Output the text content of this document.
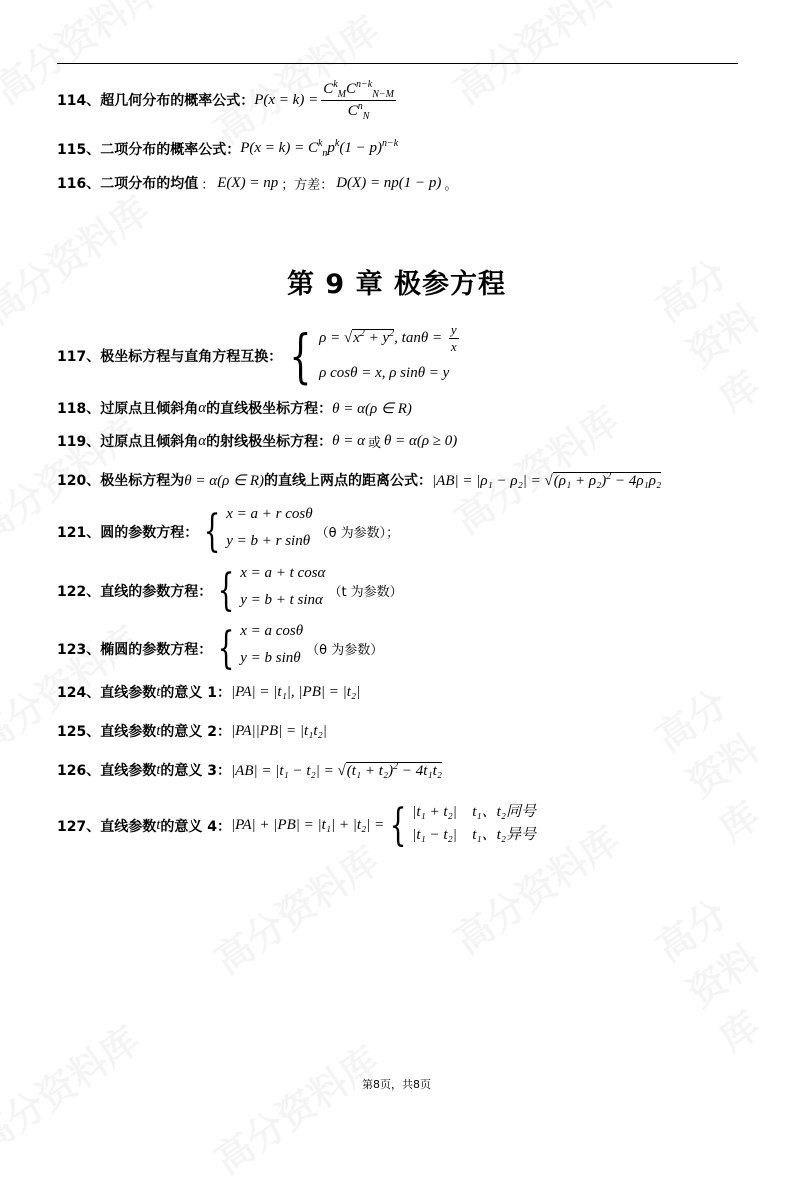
114、 超几何分布的概率公式： $P(x = k) = \frac{C^k_MC^{n-k}_{N-M}}{C^n_N}$
115、 二项分布的概率公式： $P(x = k) = C^k_np^k(1 - p)^{n-k}$
116、 二项分布的均值 ： E(X) = np ；方差： D(X) = np(1 − p) 。
第 9 章 极参方程
117、 极坐标方程与直角方程互换： { $\rho = √x^2 + y^2$, $\tan\theta = \frac{y}{x}$
ρ cosθ = x, ρ sinθ = y
118、 过原点且倾斜角 α 的直线极坐标方程： θ = α(ρ ∈ R)
119、 过原点且倾斜角 α 的射线极坐标方程： θ = α 或 θ = α(ρ ≥ 0)
120、 极坐标方程为 θ = α(ρ ∈ R) 的直线上两点的距离公式： $|AB| = |\rho_1 - \rho_2| = √(\rho_1 + \rho_2)^2 - 4\rho_1\rho_2$
121、 圆的参数方程： { x = a + r cosθ
y = b + r sinθ （θ 为参数）；
122、 直线的参数方程： { x = a + t cosα
y = b + t sinα （t 为参数）
123、 椭圆的参数方程： { x = a cosθ
y = b sinθ （θ 为参数）
124、 直线参数 t 的意义 1： |PA| = |t₁|, |PB| = |t₂|
125、 直线参数 t 的意义 2： |PA||PB| = |t₁t₂|
126、 直线参数 t 的意义 3： $|AB| = |t_1 - t_2| = √(t_1 + t_2)^2 - 4t_1t_2$
127、 直线参数 t 的意义 4： |PA| + |PB| = |t₁| + |t₂| = { |t₁ + t₂| t₁、t₂同号
|t₁ − t₂| t₁、t₂异号
第8页，共8页
